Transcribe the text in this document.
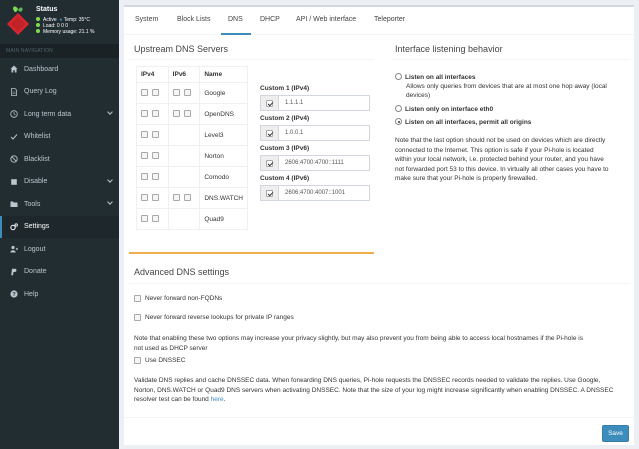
Status
Active ● Temp: 35°C
Load: 0 0 0
Memory usage: 21.1 %
MAIN NAVIGATION
Dashboard
Query Log
Long term data
Whitelist
Blacklist
Disable
Tools
Settings
Logout
Donate
? Help
System	Block Lists	DNS DHCP API / Web interface	Teleporter
Upstream DNS Servers
IPv4	IPv6	Name
		Google
		OpenDNS
		Level3
		Norton
		Comodo
		DNS.WATCH
		Quad9
Custom 1 (IPv4)
1.1.1.1
Custom 2 (IPv4)
1.0.0.1
Custom 3 (IPv6)
2606:4700:4700::1111
Custom 4 (IPv6)
2606:4700:4007::1001
Interface listening behavior
Listen on all interfaces
Allows only queries from devices that are at most one hop away (local
devices)
Listen only on interface eth0
Listen on all interfaces, permit all origins
Note that the last option should not be used on devices which are directly
connected to the Internet. This option is safe if your Pi-hole is located
within your local network, i.e. protected behind your router, and you have
not forwarded port 53 to this device. In virtually all other cases you have to
make sure that your Pi-hole is properly firewalled.
Advanced DNS settings
Never forward non-FQDNs
Never forward reverse lookups for private IP ranges
Note that enabling these two options may increase your privacy slightly, but may also prevent you from being able to access local hostnames if the Pi-hole is
not used as DHCP server
Use DNSSEC
Validate DNS replies and cache DNSSEC data. When forwarding DNS queries, Pi-hole requests the DNSSEC records needed to validate the replies. Use Google,
Norton, DNS.WATCH or Quad9 DNS servers when activating DNSSEC. Note that the size of your log might increase significantly when enabling DNSSEC. A DNSSEC
resolver test can be found here.
Save
